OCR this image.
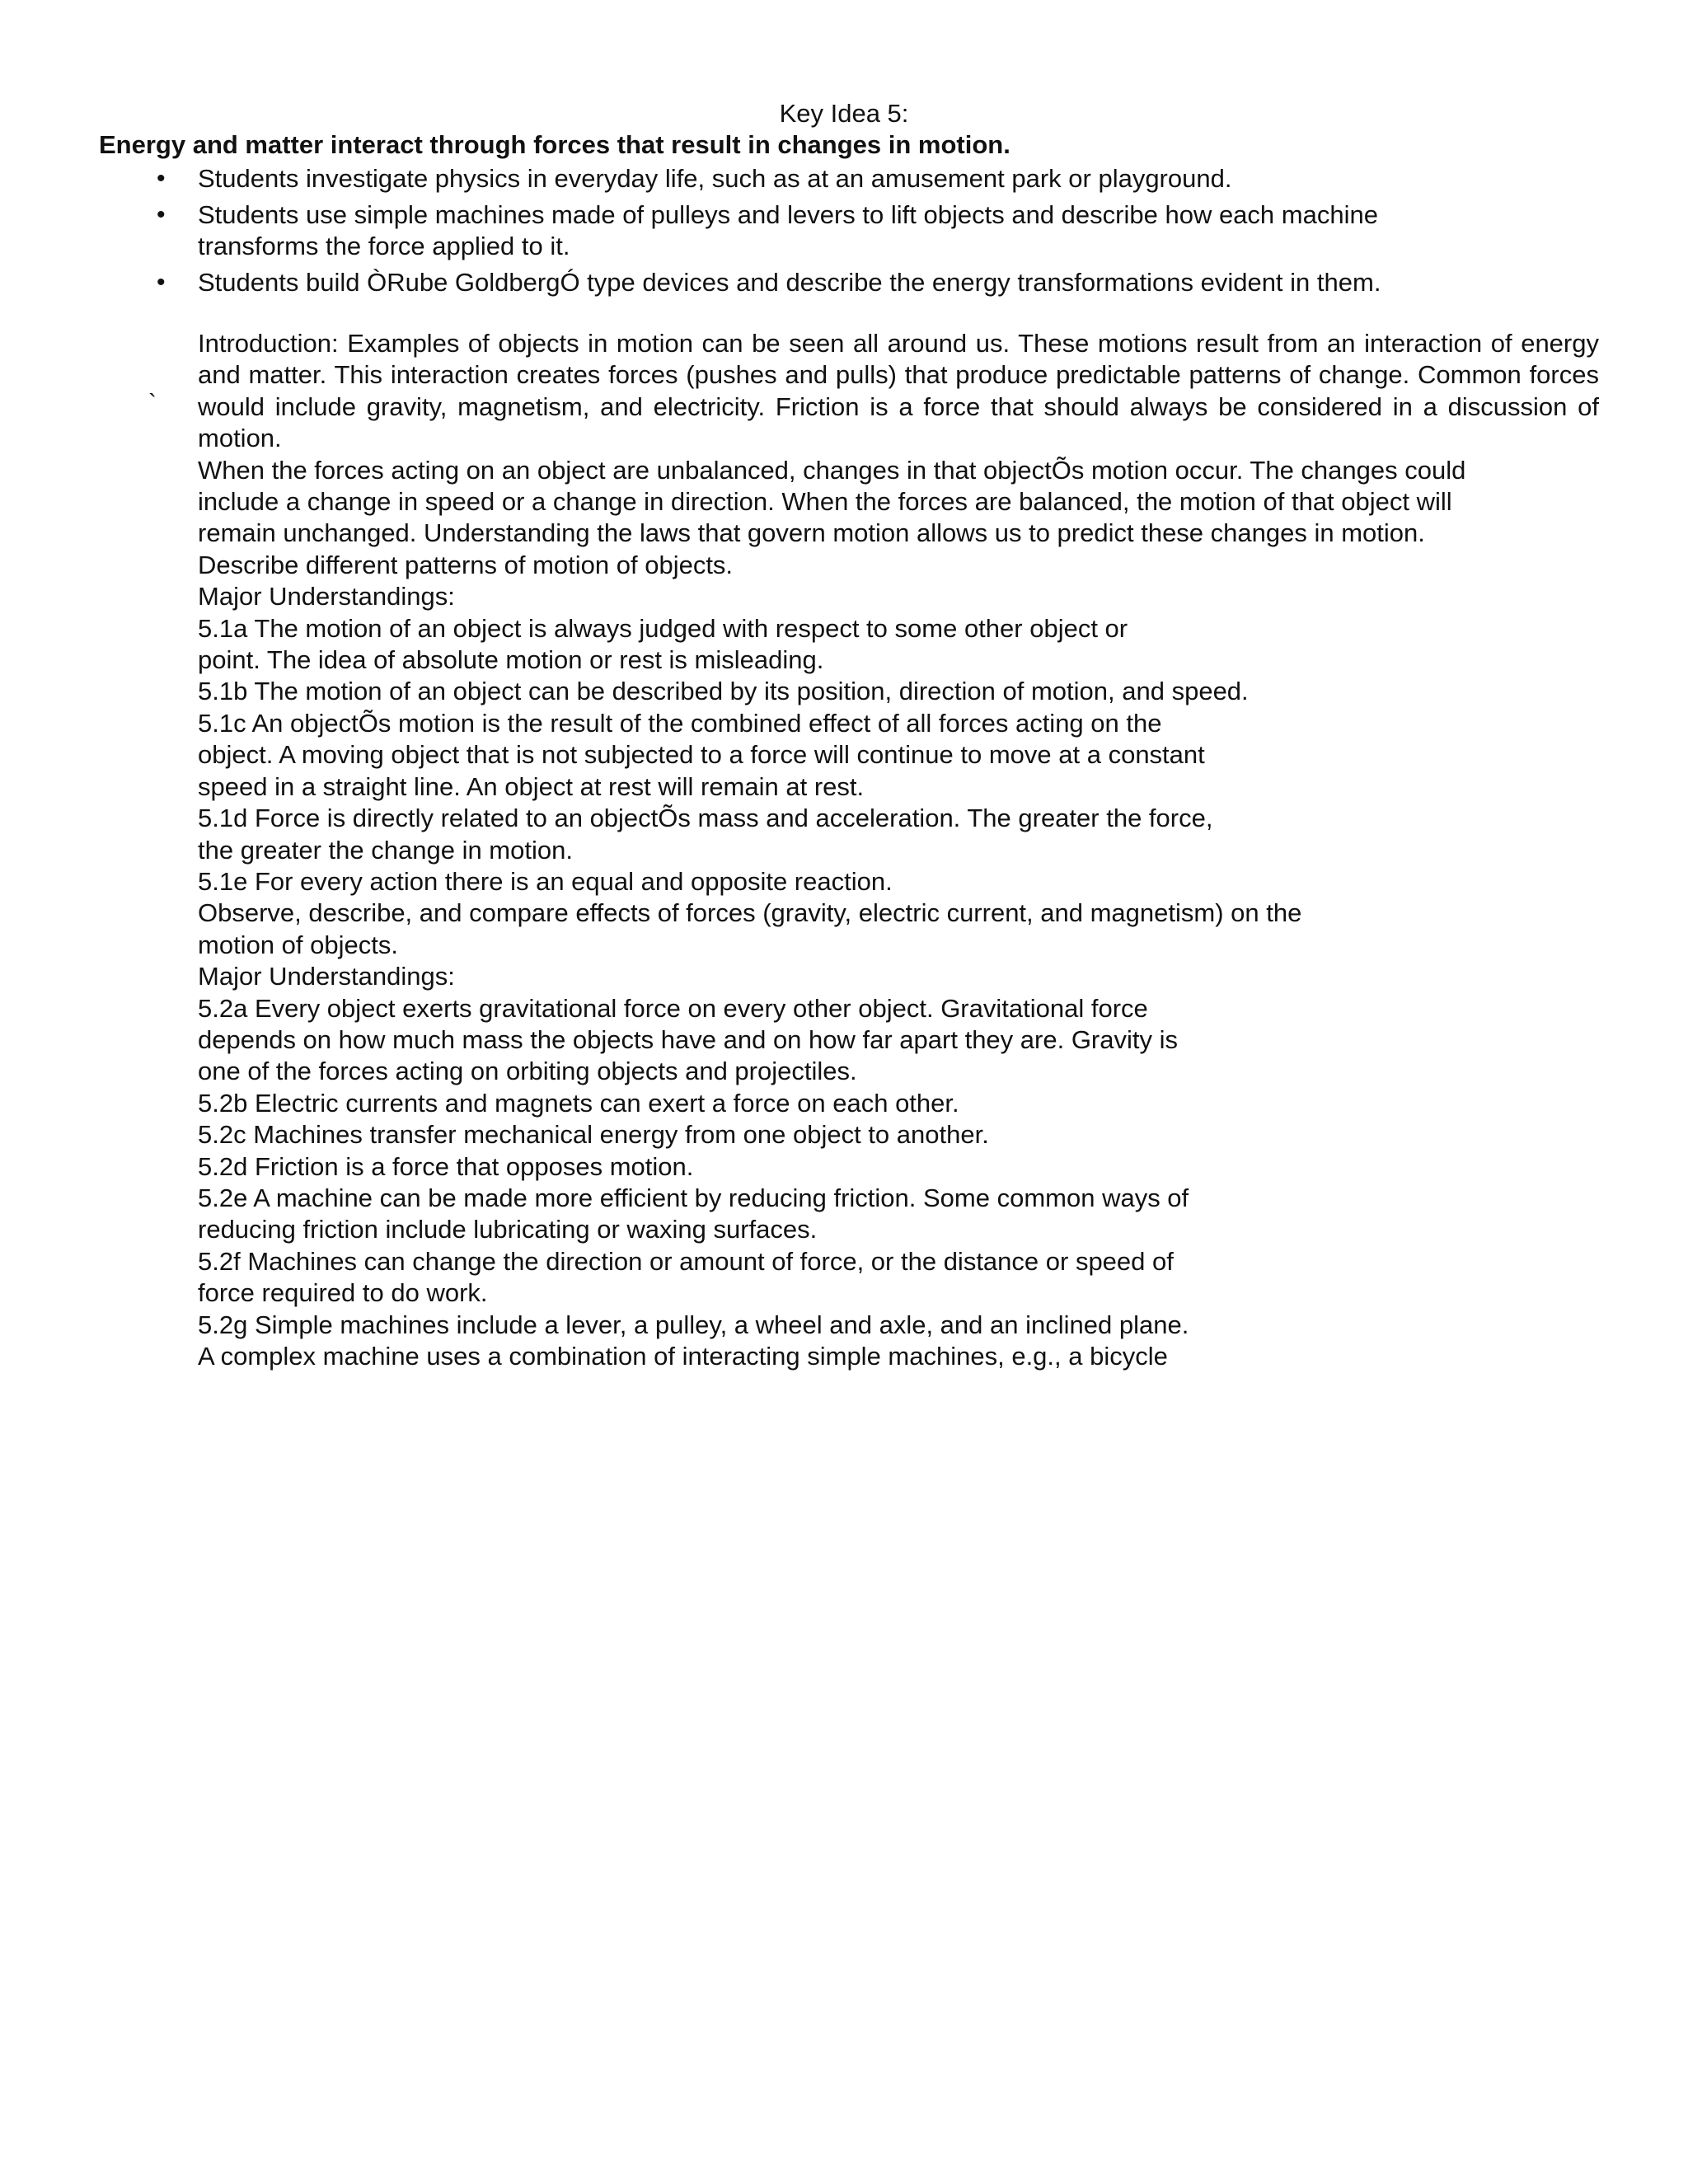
Key Idea 5:
Energy and matter interact through forces that result in changes in motion.
• Students investigate physics in everyday life, such as at an amusement park or playground.
• Students use simple machines made of pulleys and levers to lift objects and describe how each machine transforms the force applied to it.
• Students build ÒRube GoldbergÓ type devices and describe the energy transformations evident in them.
`

Introduction: Examples of objects in motion can be seen all around us. These motions result from an interaction of energy and matter. This interaction creates forces (pushes and pulls) that produce predictable patterns of change. Common forces would include gravity, magnetism, and electricity. Friction is a force that should always be considered in a discussion of motion.

When the forces acting on an object are unbalanced, changes in that objectÕs motion occur. The changes could

include a change in speed or a change in direction. When the forces are balanced, the motion of that object will

remain unchanged. Understanding the laws that govern motion allows us to predict these changes in motion.

Describe different patterns of motion of objects.

Major Understandings:

5.1a The motion of an object is always judged with respect to some other object or

point. The idea of absolute motion or rest is misleading.

5.1b The motion of an object can be described by its position, direction of motion, and speed.

5.1c An objectÕs motion is the result of the combined effect of all forces acting on the

object. A moving object that is not subjected to a force will continue to move at a constant

speed in a straight line. An object at rest will remain at rest.

5.1d Force is directly related to an objectÕs mass and acceleration. The greater the force,

the greater the change in motion.

5.1e For every action there is an equal and opposite reaction.

Observe, describe, and compare effects of forces (gravity, electric current, and magnetism) on the

motion of objects.

Major Understandings:

5.2a Every object exerts gravitational force on every other object. Gravitational force

depends on how much mass the objects have and on how far apart they are. Gravity is

one of the forces acting on orbiting objects and projectiles.

5.2b Electric currents and magnets can exert a force on each other.

5.2c Machines transfer mechanical energy from one object to another.

5.2d Friction is a force that opposes motion.

5.2e A machine can be made more efficient by reducing friction. Some common ways of

reducing friction include lubricating or waxing surfaces.

5.2f Machines can change the direction or amount of force, or the distance or speed of

force required to do work.

5.2g Simple machines include a lever, a pulley, a wheel and axle, and an inclined plane.

A complex machine uses a combination of interacting simple machines, e.g., a bicycle
